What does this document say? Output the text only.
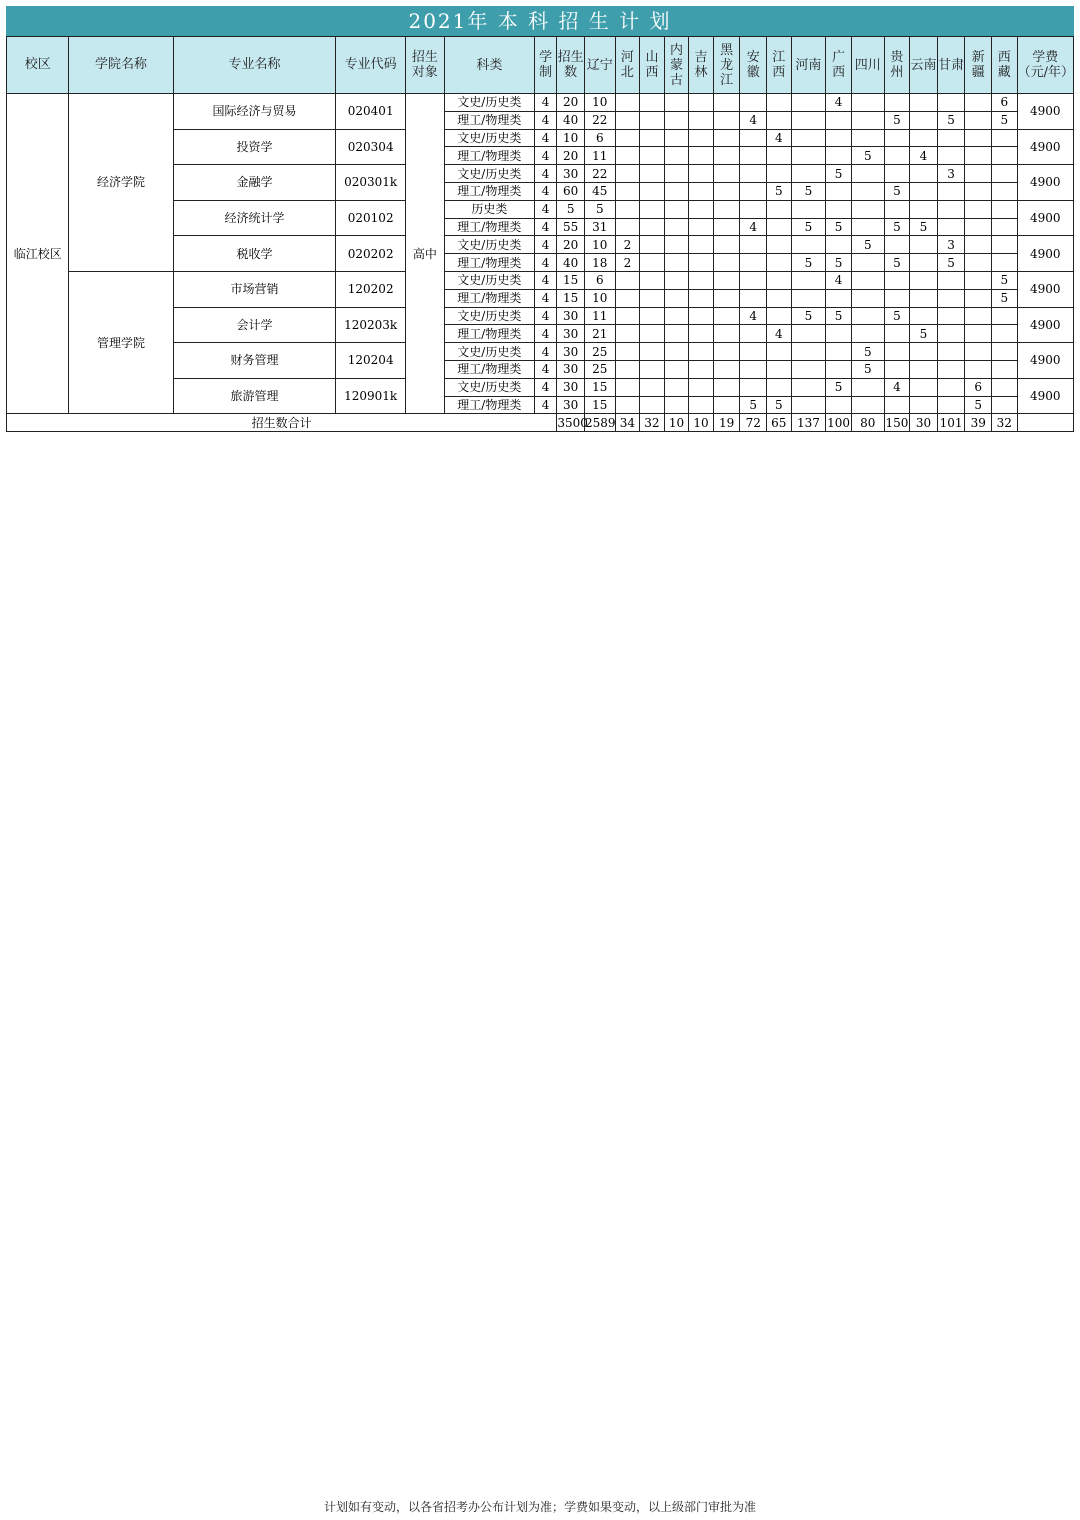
2021年 本 科 招 生 计 划
校区	学院名称	专业名称	专业代码	招生对象	科类	学制	招生数	辽宁	河北	山西	内蒙古	吉林	黑龙江	安徽	江西	河南	广西	四川	贵州	云南	甘肃	新疆	西藏	学费（元/年）
临江校区	经济学院	国际经济与贸易	020401	高中	文史/历史类	4	20	10									4						6	4900
					理工/物理类	4	40	22						4					5		5		5	
		投资学	020304		文史/历史类	4	10	6							4									4900
					理工/物理类	4	20	11										5		4				
		金融学	020301k		文史/历史类	4	30	22									5				3			4900
					理工/物理类	4	60	45							5	5			5					
		经济统计学	020102		历史类	4	5	5																4900
					理工/物理类	4	55	31						4		5	5		5	5				
		税收学	020202		文史/历史类	4	20	10	2									5			3			4900
					理工/物理类	4	40	18	2							5	5		5		5			
	管理学院	市场营销	120202		文史/历史类	4	15	6									4						5	4900
					理工/物理类	4	15	10															5	
		会计学	120203k		文史/历史类	4	30	11						4		5	5		5					4900
					理工/物理类	4	30	21							4					5				
		财务管理	120204		文史/历史类	4	30	25										5						4900
					理工/物理类	4	30	25										5						
		旅游管理	120901k		文史/历史类	4	30	15									5		4			6		4900
					理工/物理类	4	30	15						5	5							5		
招生数合计							3500	2589	34	32	10	10	19	72	65	137	100	80	150	30	101	39	32	
计划如有变动，以各省招考办公布计划为准；学费如果变动，以上级部门审批为准
